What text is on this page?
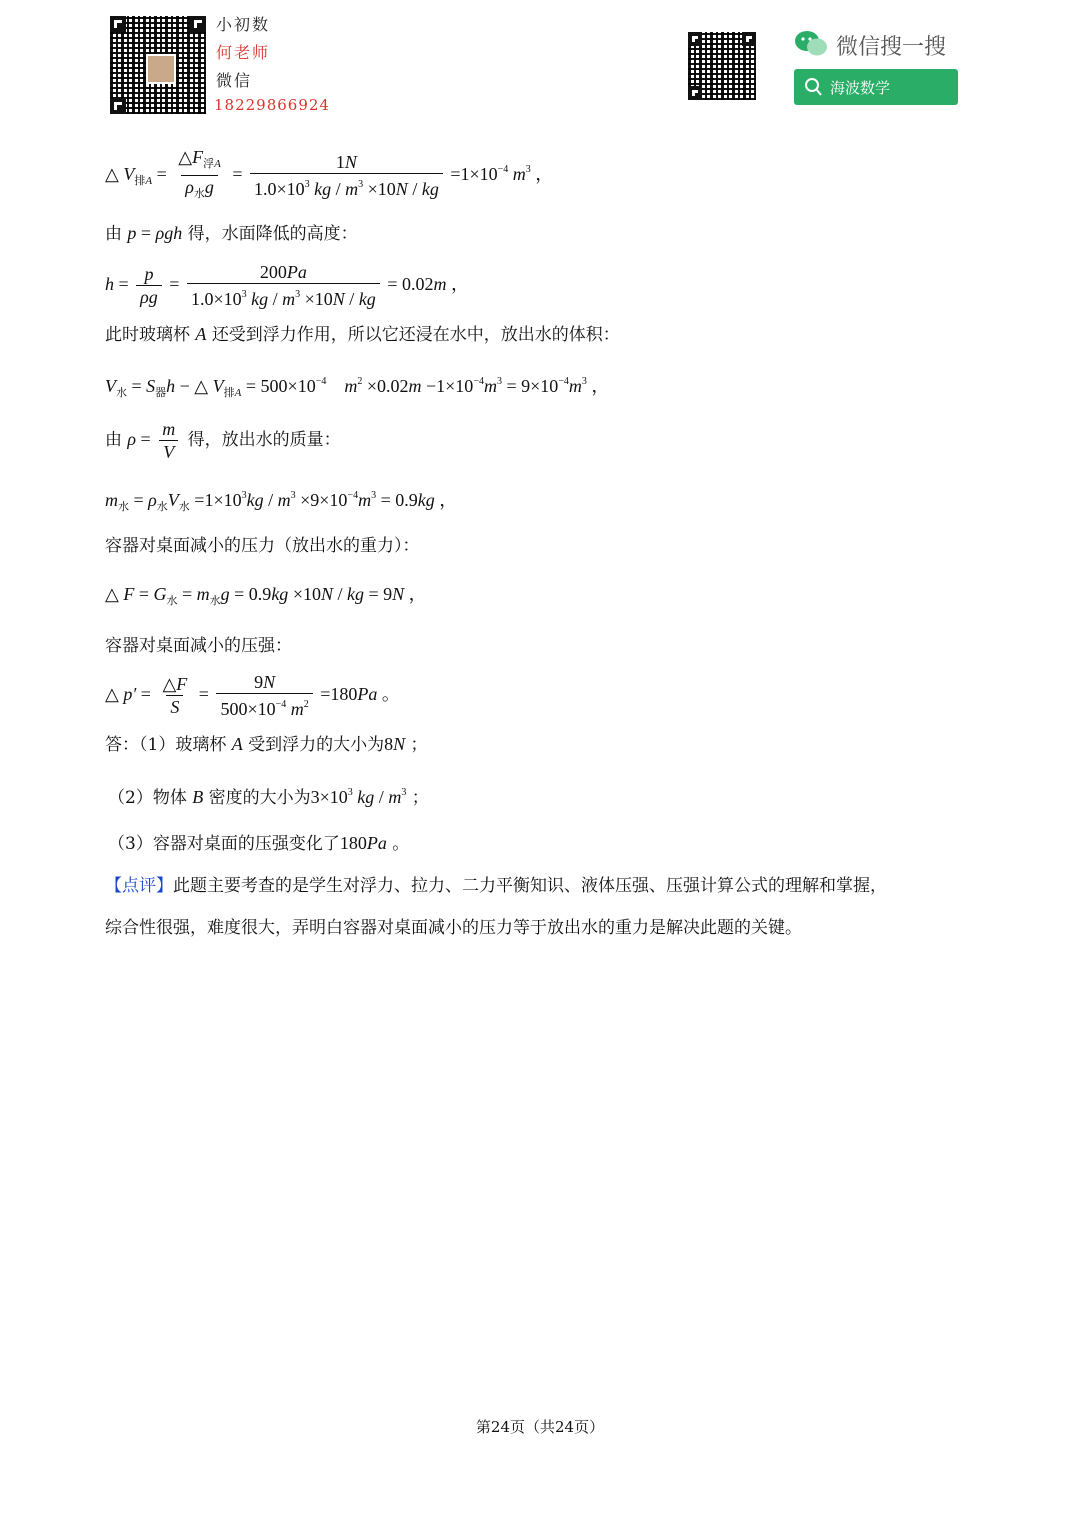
小初数
何老师
微信
18229866924
微信搜一搜
海波数学
△ $V_{排A} = \frac{\triangle F_{浮A}}{\rho_水g} = \frac{1N}{1.0\times 10^3 kg / m^3 \times 10N / kg} =1\times 10^{-4}$ $m^3$ ，
由 p = ρgh 得，水面降低的高度：
$h = \frac{p}{\rho g} = \frac{200Pa}{1.0\times 10^3 kg / m^3 \times 10N / kg} = 0.02m$ ，
此时玻璃杯 A 还受到浮力作用，所以它还浸在水中，放出水的体积：
$V_水 = S_器h$ − △ $V_{排A} = 500\times 10^{-4}$ $m^2 \times 0.02m -1\times 10^{-4}m^3 = 9\times 10^{-4}m^3$ ，
由 $\rho = \frac{m}{V}$ 得，放出水的质量：
$m_水 = \rho_水V_水 =1\times 10^3kg / m^3 \times 9\times 10^{-4}m^3 = 0.9kg$ ，
容器对桌面减小的压力（放出水的重力）：
△ $F = G_水 = m_水g = 0.9kg \times 10N$ / kg = 9N ，
容器对桌面减小的压强：
△ $p' = \frac{\triangle F}{S} = \frac{9N}{500\times 10^{-4} m^2} =180Pa$ 。
答：（1）玻璃杯 A 受到浮力的大小为8N ；
（2）物体 B 密度的大小为$3\times 10^3$ kg / $m^3$ ；
（3）容器对桌面的压强变化了180Pa 。
【点评】此题主要考查的是学生对浮力、拉力、二力平衡知识、液体压强、压强计算公式的理解和掌握，
综合性很强，难度很大，弄明白容器对桌面减小的压力等于放出水的重力是解决此题的关键。
第24页（共24页）
